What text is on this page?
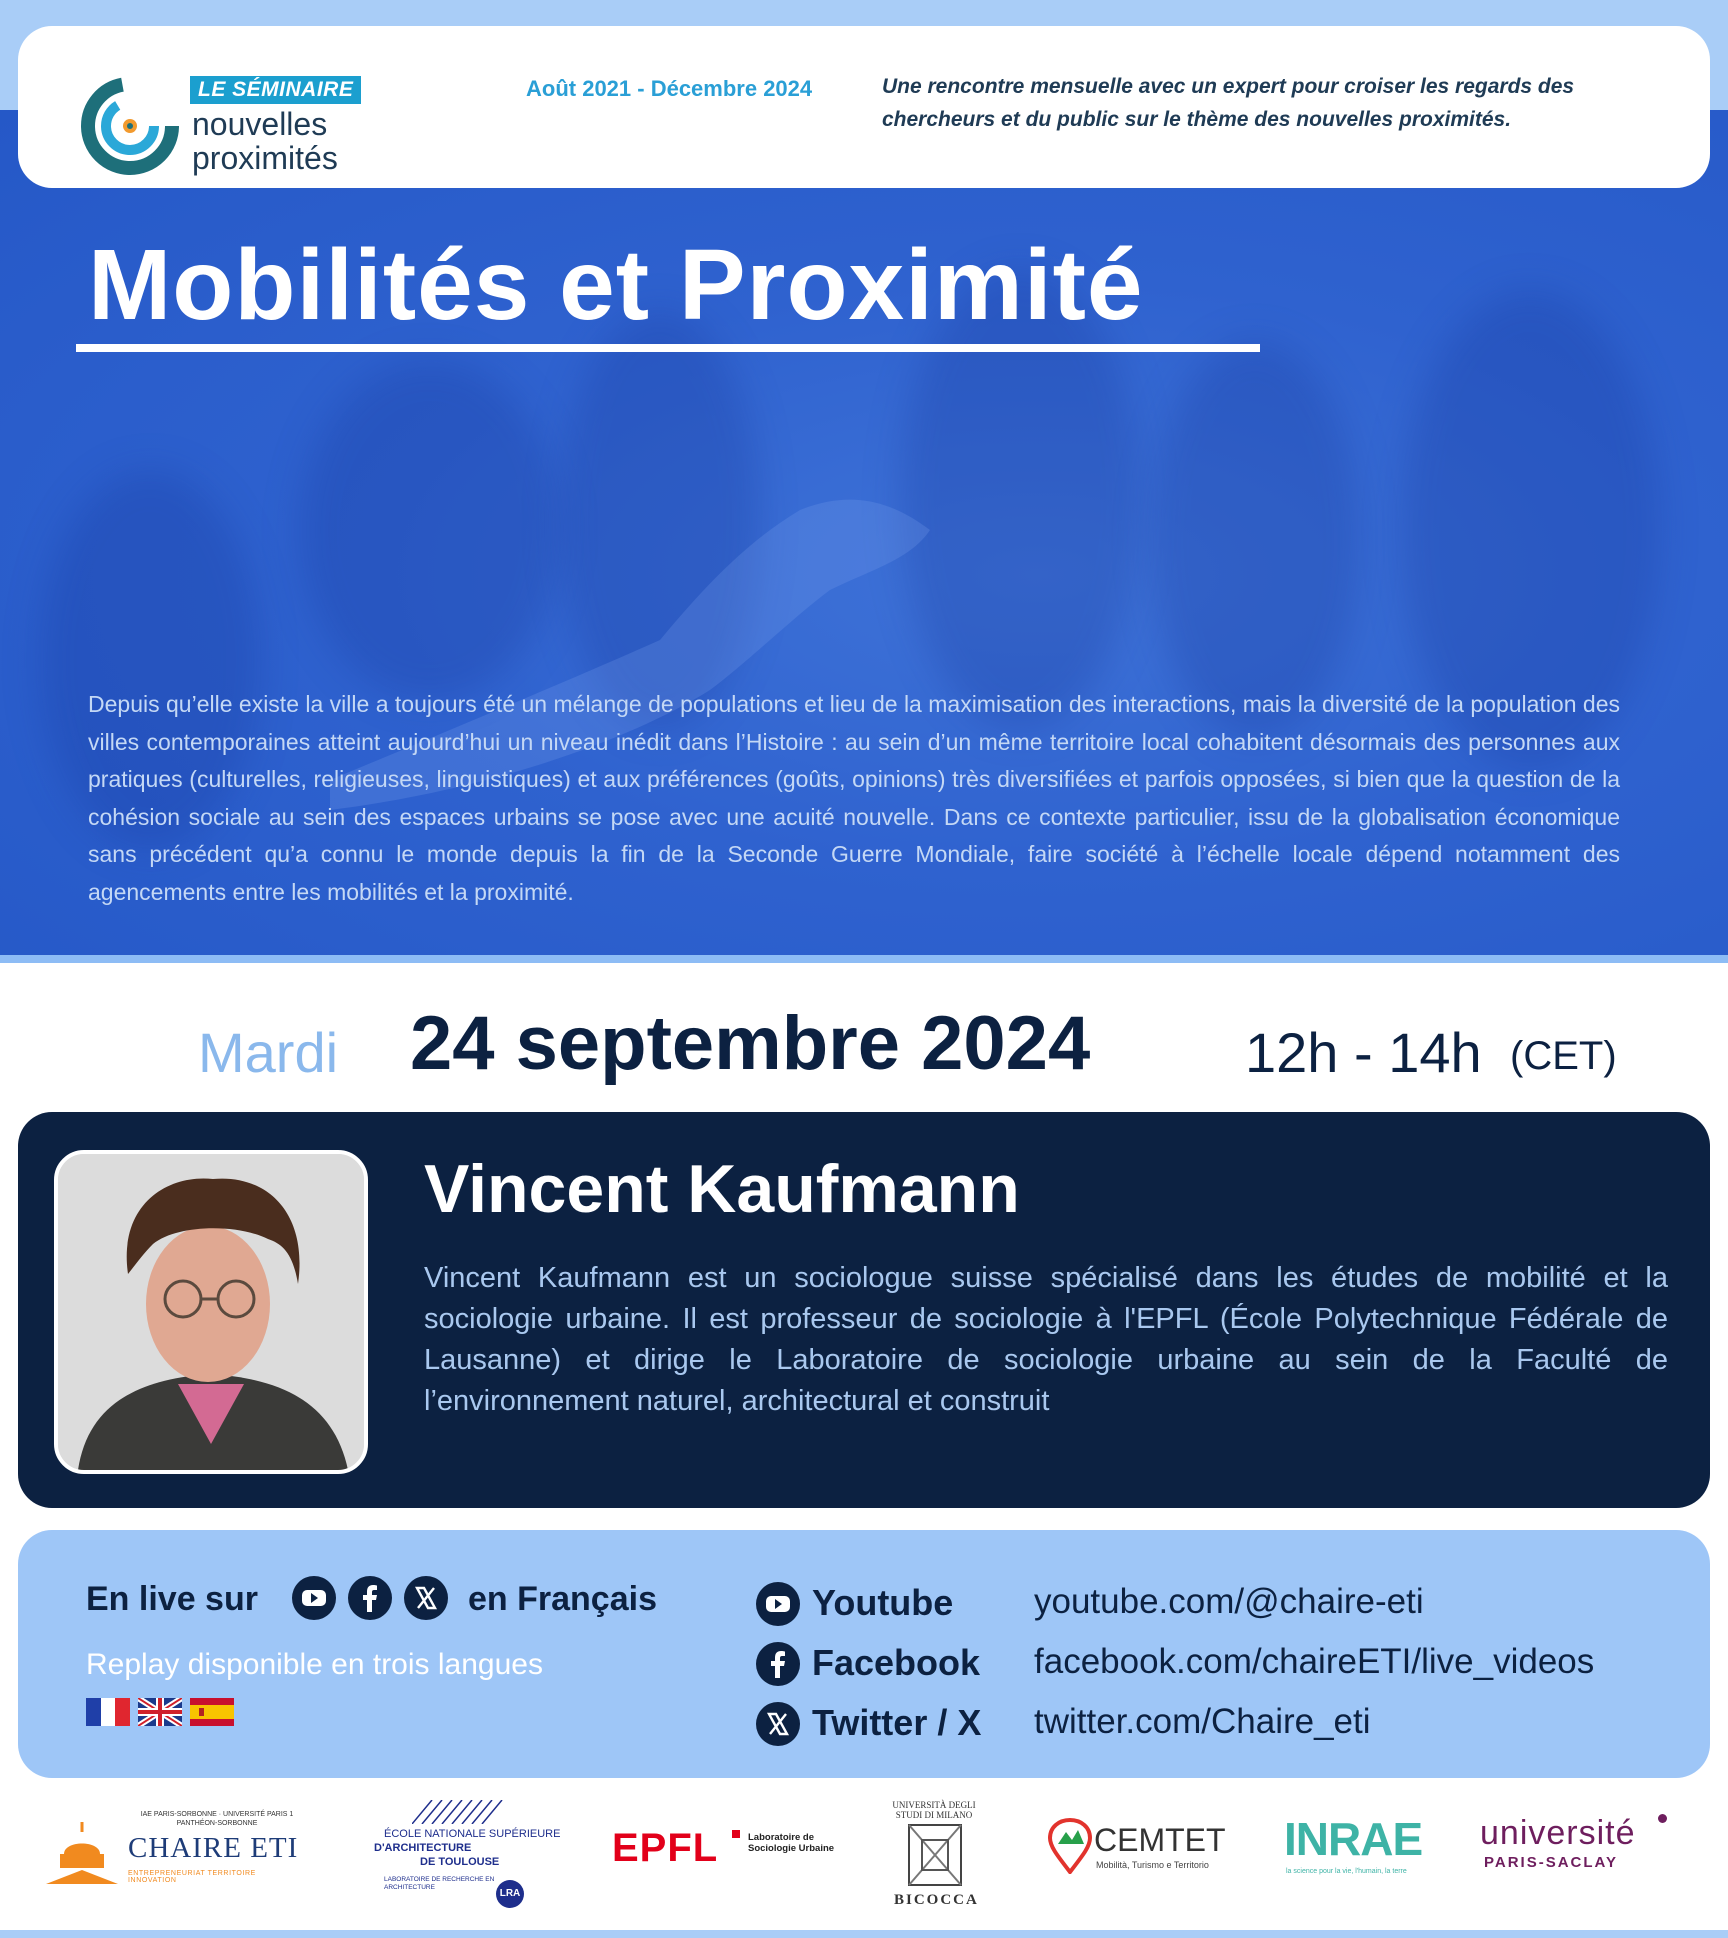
Mobilités et Proximité
Depuis qu’elle existe la ville a toujours été un mélange de populations et lieu de la maximisation des interactions, mais la diversité de la population des villes contemporaines atteint aujourd’hui un niveau inédit dans l’Histoire : au sein d’un même territoire local cohabitent désormais des personnes aux pratiques (culturelles, religieuses, linguistiques) et aux préférences (goûts, opinions) très diversifiées et parfois opposées, si bien que la question de la cohésion sociale au sein des espaces urbains se pose avec une acuité nouvelle. Dans ce contexte particulier, issu de la globalisation économique sans précédent qu’a connu le monde depuis la fin de la Seconde Guerre Mondiale, faire société à l’échelle locale dépend notamment des agencements entre les mobilités et la proximité.
LE SÉMINAIRE
nouvelles
proximités
Août 2021 - Décembre 2024	Une rencontre mensuelle avec un expert pour croiser les regards des chercheurs et du public sur le thème des nouvelles proximités.
Mardi 24 septembre 2024	12h - 14h (CET)
Vincent Kaufmann
Vincent Kaufmann est un sociologue suisse spécialisé dans les études de mobilité et la sociologie urbaine. Il est professeur de sociologie à l'EPFL (École Polytechnique Fédérale de Lausanne) et dirige le Laboratoire de sociologie urbaine au sein de la Faculté de l’environnement naturel, architectural et construit
En live sur	en Français
Replay disponible en trois langues
Youtube youtube.com/@chaire-eti
Facebook facebook.com/chaireETI/live_videos
Twitter / X twitter.com/Chaire_eti
IAE PARIS-SORBONNE · UNIVERSITÉ PARIS 1 PANTHÉON-SORBONNE
CHAIRE ETI
ENTREPRENEURIAT TERRITOIRE INNOVATION
ÉCOLE NATIONALE SUPÉRIEURE
D'ARCHITECTURE
DE TOULOUSE
LABORATOIRE DE RECHERCHE EN ARCHITECTURE
LRA
EPFL	Laboratoire de Sociologie Urbaine
UNIVERSITÀ DEGLI STUDI DI MILANO
BICOCCA
CEMTET
Mobilità, Turismo e Territorio INRAE
la science pour la vie, l'humain, la terre
université
PARIS-SACLAY
